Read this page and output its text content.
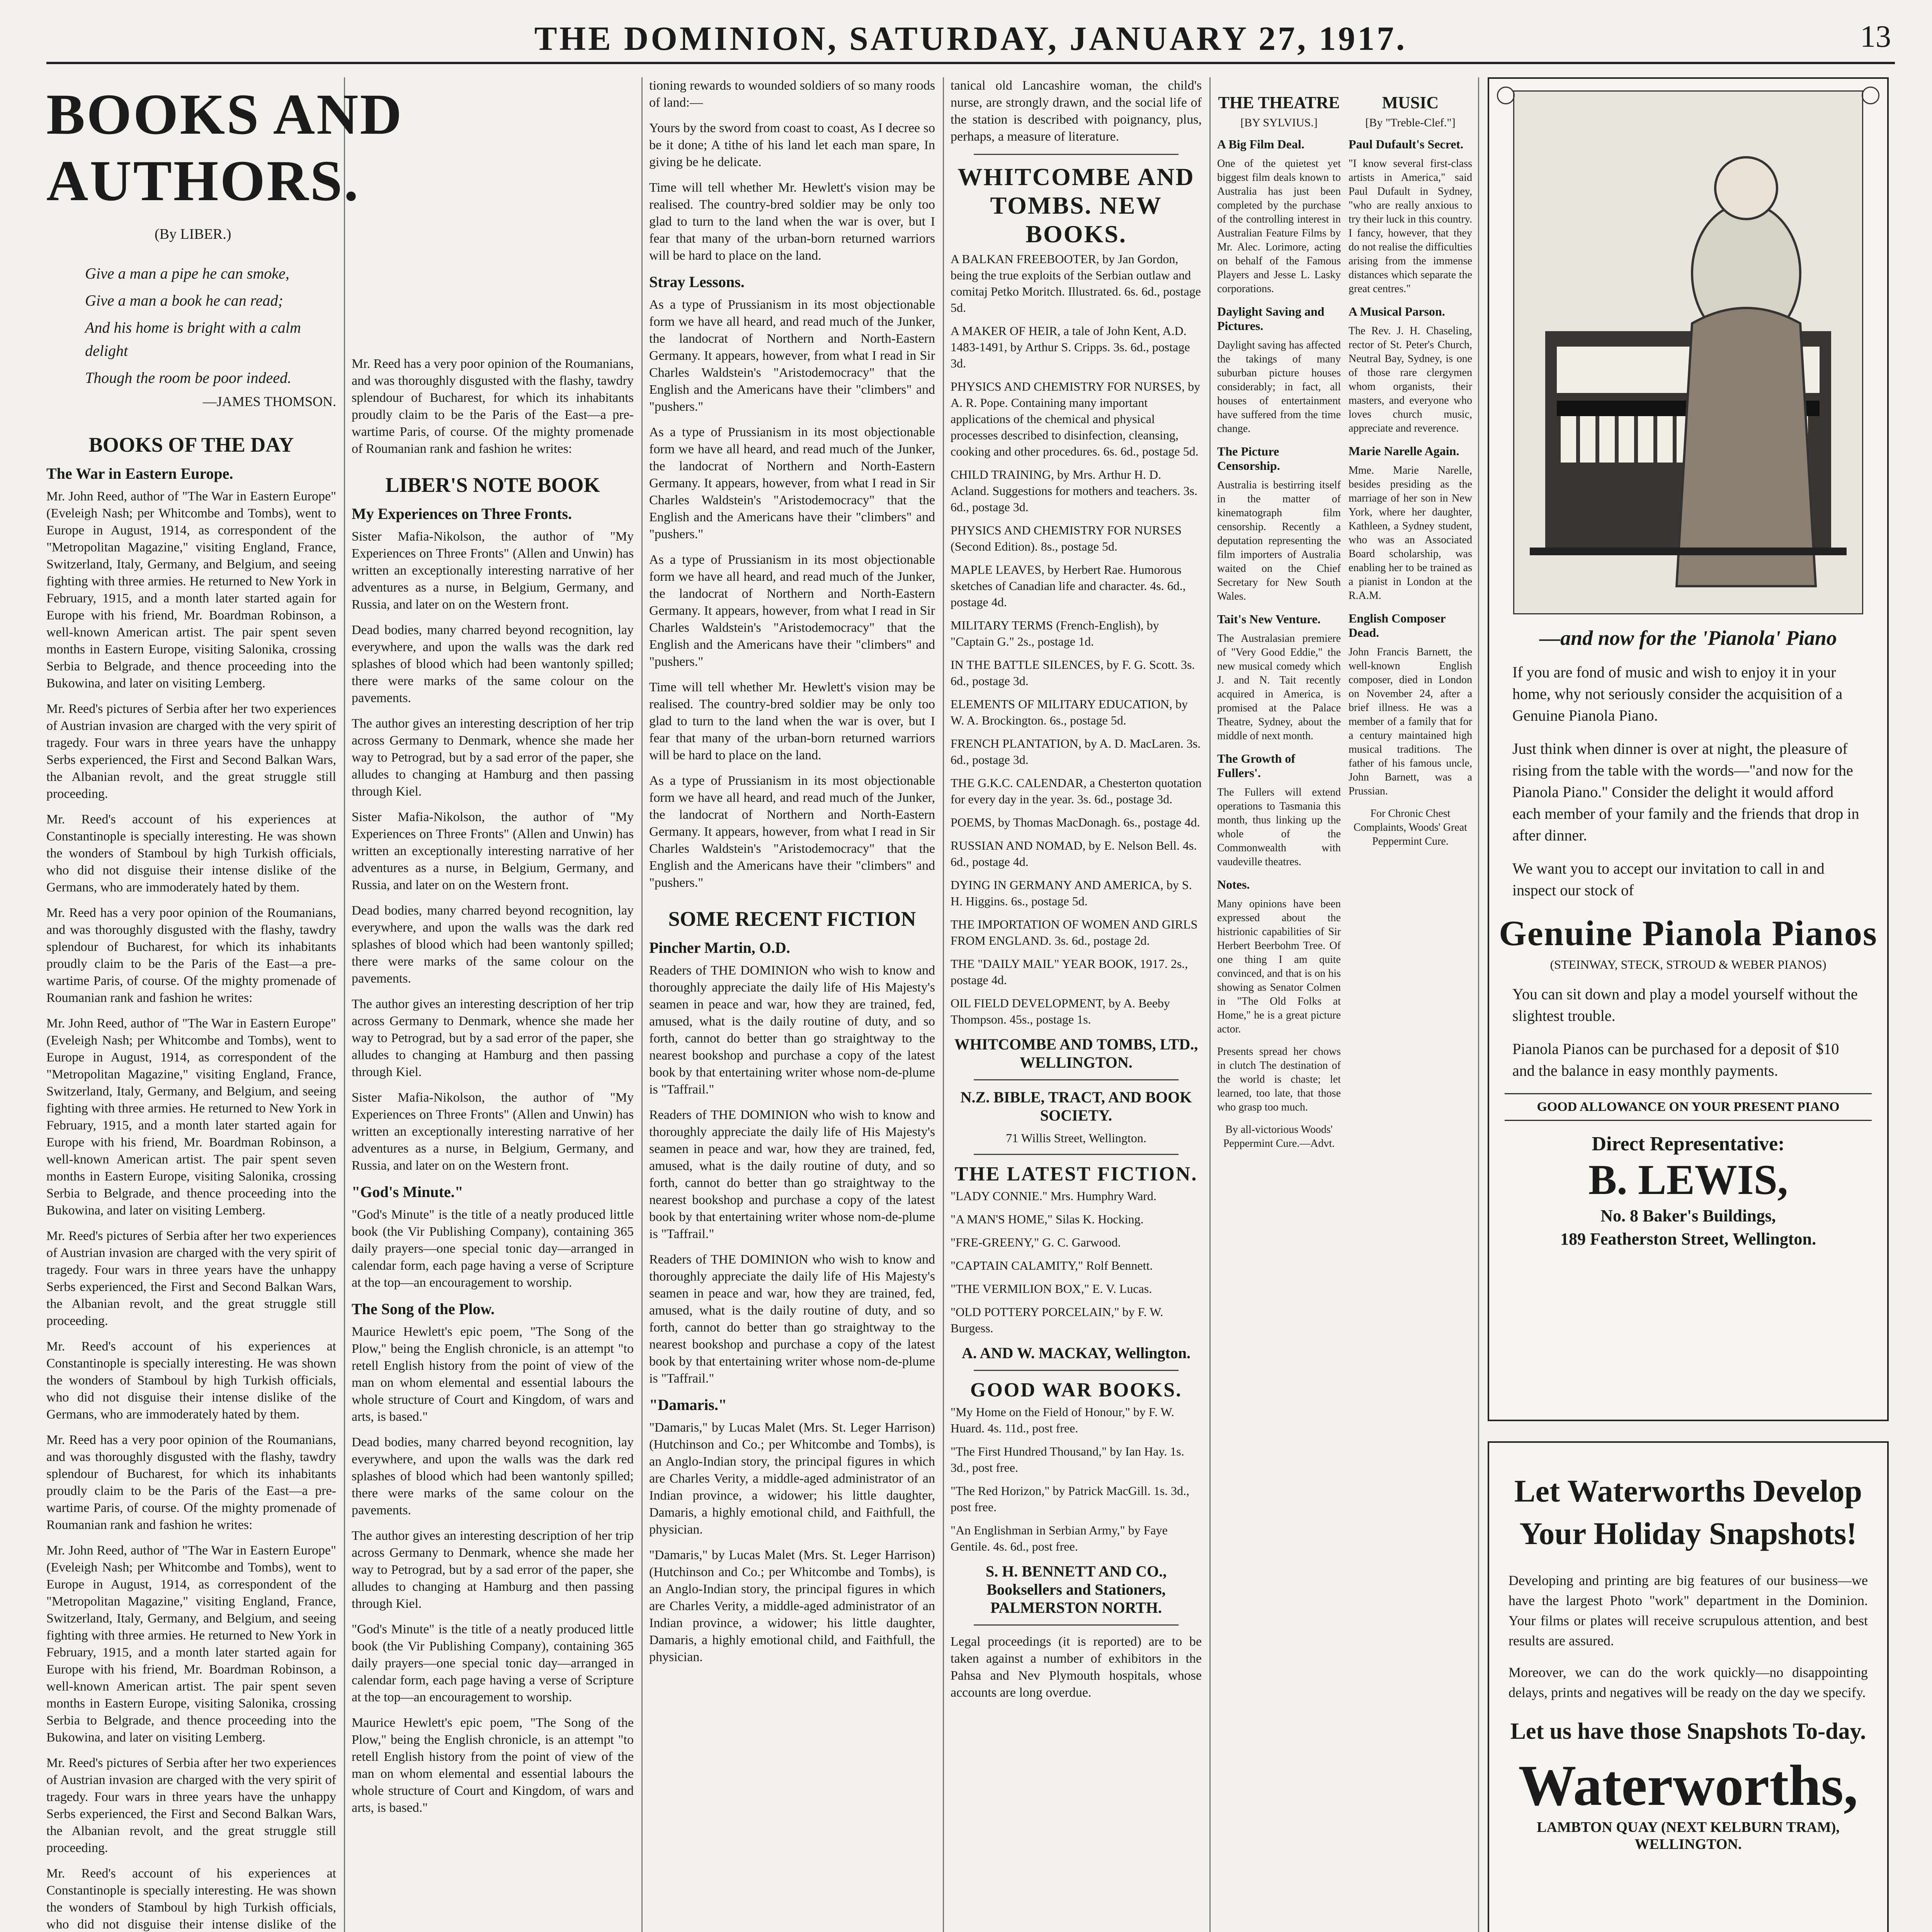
THE DOMINION, SATURDAY, JANUARY 27, 1917.	13
BOOKS AND AUTHORS.
(By LIBER.)
Give a man a pipe he can smoke,
Give a man a book he can read;
And his home is bright with a calm delight
Though the room be poor indeed.
—JAMES THOMSON.
BOOKS OF THE DAY
The War in Eastern Europe.

Mr. John Reed, author of "The War in Eastern Europe" (Eveleigh Nash; per Whitcombe and Tombs), went to Europe in August, 1914, as correspondent of the "Metropolitan Magazine," visiting England, France, Switzerland, Italy, Germany, and Belgium, and seeing fighting with three armies. He returned to New York in February, 1915, and a month later started again for Europe with his friend, Mr. Boardman Robinson, a well-known American artist. The pair spent seven months in Eastern Europe, visiting Salonika, crossing Serbia to Belgrade, and thence proceeding into the Bukowina, and later on visiting Lemberg.

Mr. Reed's pictures of Serbia after her two experiences of Austrian invasion are charged with the very spirit of tragedy. Four wars in three years have the unhappy Serbs experienced, the First and Second Balkan Wars, the Albanian revolt, and the great struggle still proceeding.

Mr. Reed's account of his experiences at Constantinople is specially interesting. He was shown the wonders of Stamboul by high Turkish officials, who did not disguise their intense dislike of the Germans, who are immoderately hated by them.

Mr. Reed has a very poor opinion of the Roumanians, and was thoroughly disgusted with the flashy, tawdry splendour of Bucharest, for which its inhabitants proudly claim to be the Paris of the East—a pre-wartime Paris, of course. Of the mighty promenade of Roumanian rank and fashion he writes:

Mr. John Reed, author of "The War in Eastern Europe" (Eveleigh Nash; per Whitcombe and Tombs), went to Europe in August, 1914, as correspondent of the "Metropolitan Magazine," visiting England, France, Switzerland, Italy, Germany, and Belgium, and seeing fighting with three armies. He returned to New York in February, 1915, and a month later started again for Europe with his friend, Mr. Boardman Robinson, a well-known American artist. The pair spent seven months in Eastern Europe, visiting Salonika, crossing Serbia to Belgrade, and thence proceeding into the Bukowina, and later on visiting Lemberg.

Mr. Reed's pictures of Serbia after her two experiences of Austrian invasion are charged with the very spirit of tragedy. Four wars in three years have the unhappy Serbs experienced, the First and Second Balkan Wars, the Albanian revolt, and the great struggle still proceeding.

Mr. Reed's account of his experiences at Constantinople is specially interesting. He was shown the wonders of Stamboul by high Turkish officials, who did not disguise their intense dislike of the Germans, who are immoderately hated by them.

Mr. Reed has a very poor opinion of the Roumanians, and was thoroughly disgusted with the flashy, tawdry splendour of Bucharest, for which its inhabitants proudly claim to be the Paris of the East—a pre-wartime Paris, of course. Of the mighty promenade of Roumanian rank and fashion he writes:

Mr. John Reed, author of "The War in Eastern Europe" (Eveleigh Nash; per Whitcombe and Tombs), went to Europe in August, 1914, as correspondent of the "Metropolitan Magazine," visiting England, France, Switzerland, Italy, Germany, and Belgium, and seeing fighting with three armies. He returned to New York in February, 1915, and a month later started again for Europe with his friend, Mr. Boardman Robinson, a well-known American artist. The pair spent seven months in Eastern Europe, visiting Salonika, crossing Serbia to Belgrade, and thence proceeding into the Bukowina, and later on visiting Lemberg.

Mr. Reed's pictures of Serbia after her two experiences of Austrian invasion are charged with the very spirit of tragedy. Four wars in three years have the unhappy Serbs experienced, the First and Second Balkan Wars, the Albanian revolt, and the great struggle still proceeding.

Mr. Reed's account of his experiences at Constantinople is specially interesting. He was shown the wonders of Stamboul by high Turkish officials, who did not disguise their intense dislike of the

Mr. Reed has a very poor opinion of the Roumanians, and was thoroughly disgusted with the flashy, tawdry splendour of Bucharest, for which its inhabitants proudly claim to be the Paris of the East—a pre-wartime Paris, of course. Of the mighty promenade of Roumanian rank and fashion he writes:

LIBER'S NOTE BOOK
My Experiences on Three Fronts.

Sister Mafia-Nikolson, the author of "My Experiences on Three Fronts" (Allen and Unwin) has written an exceptionally interesting narrative of her adventures as a nurse, in Belgium, Germany, and Russia, and later on on the Western front.

Dead bodies, many charred beyond recognition, lay everywhere, and upon the walls was the dark red splashes of blood which had been wantonly spilled; there were marks of the same colour on the pavements.

The author gives an interesting description of her trip across Germany to Denmark, whence she made her way to Petrograd, but by a sad error of the paper, she alludes to changing at Hamburg and then passing through Kiel.

Sister Mafia-Nikolson, the author of "My Experiences on Three Fronts" (Allen and Unwin) has written an exceptionally interesting narrative of her adventures as a nurse, in Belgium, Germany, and Russia, and later on on the Western front.

Dead bodies, many charred beyond recognition, lay everywhere, and upon the walls was the dark red splashes of blood which had been wantonly spilled; there were marks of the same colour on the pavements.

The author gives an interesting description of her trip across Germany to Denmark, whence she made her way to Petrograd, but by a sad error of the paper, she alludes to changing at Hamburg and then passing through Kiel.

Sister Mafia-Nikolson, the author of "My Experiences on Three Fronts" (Allen and Unwin) has written an exceptionally interesting narrative of her adventures as a nurse, in Belgium, Germany, and Russia, and later on on the Western front.

"God's Minute."

"God's Minute" is the title of a neatly produced little book (the Vir Publishing Company), containing 365 daily prayers—one special tonic day—arranged in calendar form, each page having a verse of Scripture at the top—an encouragement to worship.

The Song of the Plow.

Maurice Hewlett's epic poem, "The Song of the Plow," being the English chronicle, is an attempt "to retell English history from the point of view of the man on whom elemental and essential labours the whole structure of Court and Kingdom, of wars and arts, is based."

Dead bodies, many charred beyond recognition, lay everywhere, and upon the walls was the dark red splashes of blood which had been wantonly spilled; there were marks of the same colour on the pavements.

The author gives an interesting description of her trip across Germany to Denmark, whence she made her way to Petrograd, but by a sad error of the paper, she alludes to changing at Hamburg and then passing through Kiel.

"God's Minute" is the title of a neatly produced little book (the Vir Publishing Company), containing 365 daily prayers—one special tonic day—arranged in calendar form, each page having a verse of Scripture at the top—an encouragement to worship.

Maurice Hewlett's epic poem, "The Song of the Plow," being the English chronicle, is an attempt "to retell English history from the point of view of the man on whom elemental and essential labours the whole structure of Court and Kingdom, of wars and arts, is based."

tioning rewards to wounded soldiers of so many roods of land:—

Yours by the sword from coast to coast, As I decree so be it done; A tithe of his land let each man spare, In giving be he delicate.

Time will tell whether Mr. Hewlett's vision may be realised. The country-bred soldier may be only too glad to turn to the land when the war is over, but I fear that many of the urban-born returned warriors will be hard to place on the land.

Stray Lessons.

As a type of Prussianism in its most objectionable form we have all heard, and read much of the Junker, the landocrat of Northern and North-Eastern Germany. It appears, however, from what I read in Sir Charles Waldstein's "Aristodemocracy" that the English and the Americans have their "climbers" and "pushers."

As a type of Prussianism in its most objectionable form we have all heard, and read much of the Junker, the landocrat of Northern and North-Eastern Germany. It appears, however, from what I read in Sir Charles Waldstein's "Aristodemocracy" that the English and the Americans have their "climbers" and "pushers."

As a type of Prussianism in its most objectionable form we have all heard, and read much of the Junker, the landocrat of Northern and North-Eastern Germany. It appears, however, from what I read in Sir Charles Waldstein's "Aristodemocracy" that the English and the Americans have their "climbers" and "pushers."

Time will tell whether Mr. Hewlett's vision may be realised. The country-bred soldier may be only too glad to turn to the land when the war is over, but I fear that many of the urban-born returned warriors will be hard to place on the land.

As a type of Prussianism in its most objectionable form we have all heard, and read much of the Junker, the landocrat of Northern and North-Eastern Germany. It appears, however, from what I read in Sir Charles Waldstein's "Aristodemocracy" that the English and the Americans have their "climbers" and "pushers."

SOME RECENT FICTION
Pincher Martin, O.D.

Readers of THE DOMINION who wish to know and thoroughly appreciate the daily life of His Majesty's seamen in peace and war, how they are trained, fed, amused, what is the daily routine of duty, and so forth, cannot do better than go straightway to the nearest bookshop and purchase a copy of the latest book by that entertaining writer whose nom-de-plume is "Taffrail."

Readers of THE DOMINION who wish to know and thoroughly appreciate the daily life of His Majesty's seamen in peace and war, how they are trained, fed, amused, what is the daily routine of duty, and so forth, cannot do better than go straightway to the nearest bookshop and purchase a copy of the latest book by that entertaining writer whose nom-de-plume is "Taffrail."

Readers of THE DOMINION who wish to know and thoroughly appreciate the daily life of His Majesty's seamen in peace and war, how they are trained, fed, amused, what is the daily routine of duty, and so forth, cannot do better than go straightway to the nearest bookshop and purchase a copy of the latest book by that entertaining writer whose nom-de-plume is "Taffrail."

"Damaris."

"Damaris," by Lucas Malet (Mrs. St. Leger Harrison) (Hutchinson and Co.; per Whitcombe and Tombs), is an Anglo-Indian story, the principal figures in which are Charles Verity, a middle-aged administrator of an Indian province, a widower; his little daughter, Damaris, a highly emotional child, and Faithfull, the physician.

"Damaris," by Lucas Malet (Mrs. St. Leger Harrison) (Hutchinson and Co.; per Whitcombe and Tombs), is an Anglo-Indian story, the principal figures in which are Charles Verity, a middle-aged administrator of an Indian province, a widower; his little daughter, Damaris, a highly emotional child, and Faithfull, the physician.

tanical old Lancashire woman, the child's nurse, are strongly drawn, and the social life of the station is described with poignancy, plus, perhaps, a measure of literature.

WHITCOMBE AND TOMBS. NEW BOOKS.
A BALKAN FREEBOOTER, by Jan Gordon, being the true exploits of the Serbian outlaw and comitaj Petko Moritch. Illustrated. 6s. 6d., postage 5d.
A MAKER OF HEIR, a tale of John Kent, A.D. 1483-1491, by Arthur S. Cripps. 3s. 6d., postage 3d.
PHYSICS AND CHEMISTRY FOR NURSES, by A. R. Pope. Containing many important applications of the chemical and physical processes described to disinfection, cleansing, cooking and other procedures. 6s. 6d., postage 5d.
CHILD TRAINING, by Mrs. Arthur H. D. Acland. Suggestions for mothers and teachers. 3s. 6d., postage 3d.
PHYSICS AND CHEMISTRY FOR NURSES (Second Edition). 8s., postage 5d.
MAPLE LEAVES, by Herbert Rae. Humorous sketches of Canadian life and character. 4s. 6d., postage 4d.
MILITARY TERMS (French-English), by "Captain G." 2s., postage 1d.
IN THE BATTLE SILENCES, by F. G. Scott. 3s. 6d., postage 3d.
ELEMENTS OF MILITARY EDUCATION, by W. A. Brockington. 6s., postage 5d.
FRENCH PLANTATION, by A. D. MacLaren. 3s. 6d., postage 3d.
THE G.K.C. CALENDAR, a Chesterton quotation for every day in the year. 3s. 6d., postage 3d.
POEMS, by Thomas MacDonagh. 6s., postage 4d.
RUSSIAN AND NOMAD, by E. Nelson Bell. 4s. 6d., postage 4d.
DYING IN GERMANY AND AMERICA, by S. H. Higgins. 6s., postage 5d.
THE IMPORTATION OF WOMEN AND GIRLS FROM ENGLAND. 3s. 6d., postage 2d.
THE "DAILY MAIL" YEAR BOOK, 1917. 2s., postage 4d.
OIL FIELD DEVELOPMENT, by A. Beeby Thompson. 45s., postage 1s.
WHITCOMBE AND TOMBS, LTD., WELLINGTON.
N.Z. BIBLE, TRACT, AND BOOK SOCIETY.
71 Willis Street, Wellington.
THE LATEST FICTION.
"LADY CONNIE." Mrs. Humphry Ward.
"A MAN'S HOME," Silas K. Hocking.
"FRE-GREENY," G. C. Garwood.
"CAPTAIN CALAMITY," Rolf Bennett.
"THE VERMILION BOX," E. V. Lucas.
"OLD POTTERY PORCELAIN," by F. W. Burgess.
A. AND W. MACKAY, Wellington.
GOOD WAR BOOKS.
"My Home on the Field of Honour," by F. W. Huard. 4s. 11d., post free.
"The First Hundred Thousand," by Ian Hay. 1s. 3d., post free.
"The Red Horizon," by Patrick MacGill. 1s. 3d., post free.
"An Englishman in Serbian Army," by Faye Gentile. 4s. 6d., post free.
S. H. BENNETT AND CO., Booksellers and Stationers, PALMERSTON NORTH.

Legal proceedings (it is reported) are to be taken against a number of exhibitors in the Pahsa and Nev Plymouth hospitals, whose accounts are long overdue.

THE THEATRE
[BY SYLVIUS.]
A Big Film Deal.

One of the quietest yet biggest film deals known to Australia has just been completed by the purchase of the controlling interest in Australian Feature Films by Mr. Alec. Lorimore, acting on behalf of the Famous Players and Jesse L. Lasky corporations.

Daylight Saving and Pictures.

Daylight saving has affected the takings of many suburban picture houses considerably; in fact, all houses of entertainment have suffered from the time change.

The Picture Censorship.

Australia is bestirring itself in the matter of kinematograph film censorship. Recently a deputation representing the film importers of Australia waited on the Chief Secretary for New South Wales.

Tait's New Venture.

The Australasian premiere of "Very Good Eddie," the new musical comedy which J. and N. Tait recently acquired in America, is promised at the Palace Theatre, Sydney, about the middle of next month.

The Growth of Fullers'.

The Fullers will extend operations to Tasmania this month, thus linking up the whole of the Commonwealth with vaudeville theatres.

Notes.

Many opinions have been expressed about the histrionic capabilities of Sir Herbert Beerbohm Tree. Of one thing I am quite convinced, and that is on his showing as Senator Colmen in "The Old Folks at Home," he is a great picture actor.

Presents spread her chows in clutch The destination of the world is chaste; let learned, too late, that those who grasp too much.

By all-victorious Woods' Peppermint Cure.—Advt.

MUSIC
[By "Treble-Clef."]
Paul Dufault's Secret.

"I know several first-class artists in America," said Paul Dufault in Sydney, "who are really anxious to try their luck in this country. I fancy, however, that they do not realise the difficulties arising from the immense distances which separate the great centres."

A Musical Parson.

The Rev. J. H. Chaseling, rector of St. Peter's Church, Neutral Bay, Sydney, is one of those rare clergymen whom organists, their masters, and everyone who loves church music, appreciate and reverence.

Marie Narelle Again.

Mme. Marie Narelle, besides presiding as the marriage of her son in New York, where her daughter, Kathleen, a Sydney student, who was an Associated Board scholarship, was enabling her to be trained as a pianist in London at the R.A.M.

English Composer Dead.

John Francis Barnett, the well-known English composer, died in London on November 24, after a brief illness. He was a member of a family that for a century maintained high musical traditions. The father of his famous uncle, John Barnett, was a Prussian.

For Chronic Chest Complaints, Woods' Great Peppermint Cure.

—and now for the 'Pianola' Piano

If you are fond of music and wish to enjoy it in your home, why not seriously consider the acquisition of a Genuine Pianola Piano.

Just think when dinner is over at night, the pleasure of rising from the table with the words—"and now for the Pianola Piano." Consider the delight it would afford each member of your family and the friends that drop in after dinner.

We want you to accept our invitation to call in and inspect our stock of

Genuine Pianola Pianos
(STEINWAY, STECK, STROUD & WEBER PIANOS)

You can sit down and play a model yourself without the slightest trouble.

Pianola Pianos can be purchased for a deposit of $10 and the balance in easy monthly payments.

GOOD ALLOWANCE ON YOUR PRESENT PIANO
Direct Representative:
B. LEWIS,
No. 8 Baker's Buildings,
189 Featherston Street, Wellington.
Let Waterworths Develop Your Holiday Snapshots!

Developing and printing are big features of our business—we have the largest Photo "work" department in the Dominion. Your films or plates will receive scrupulous attention, and best results are assured.

Moreover, we can do the work quickly—no disappointing delays, prints and negatives will be ready on the day we specify.

Let us have those Snapshots To-day.
Waterworths,
LAMBTON QUAY (NEXT KELBURN TRAM), WELLINGTON.
